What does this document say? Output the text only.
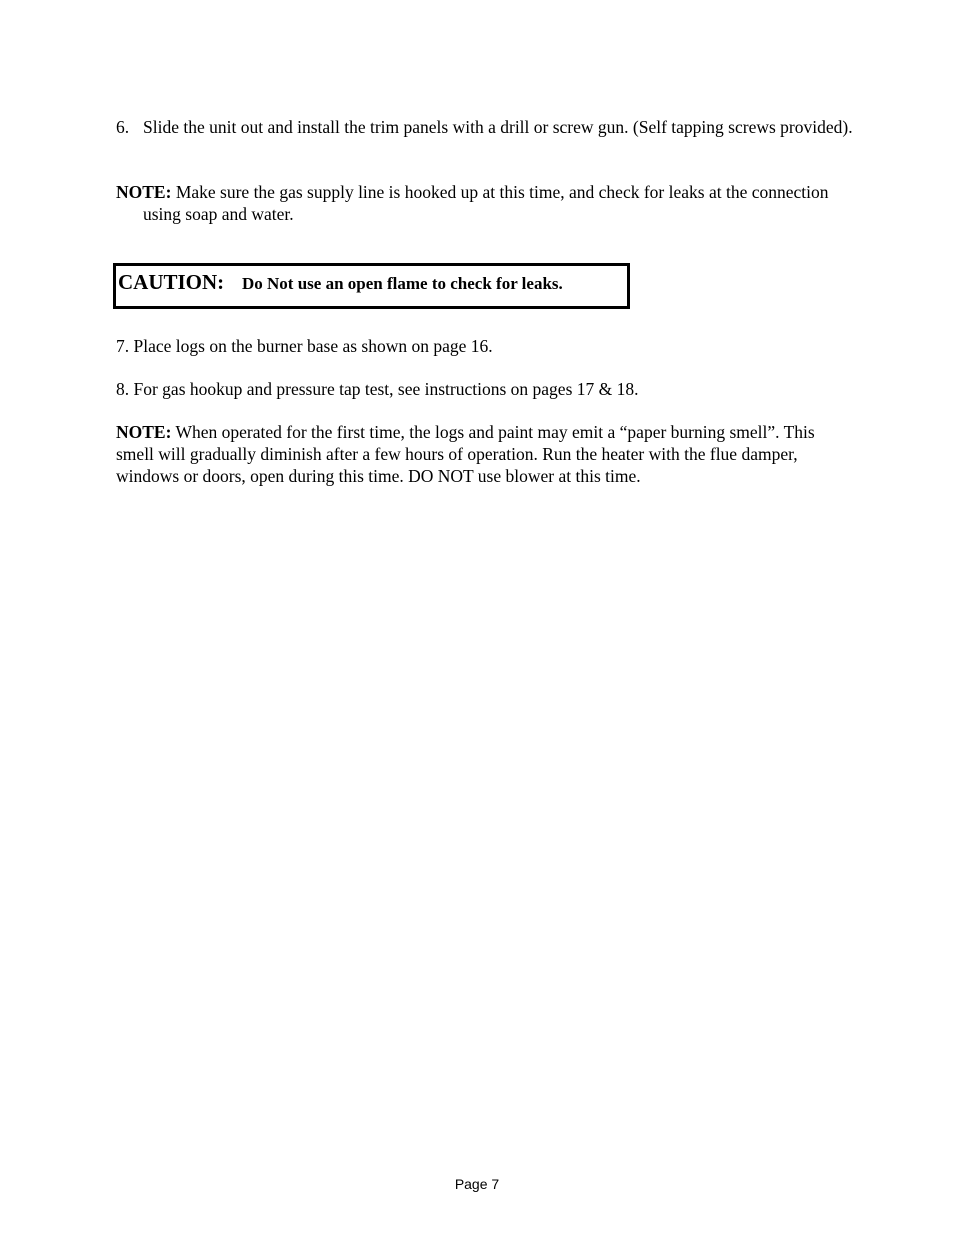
6. Slide the unit out and install the trim panels with a drill or screw gun. (Self tapping screws provided).
NOTE: Make sure the gas supply line is hooked up at this time, and check for leaks at the connection using soap and water.
CAUTION: Do Not use an open flame to check for leaks.
7. Place logs on the burner base as shown on page 16.
8. For gas hookup and pressure tap test, see instructions on pages 17 & 18.
NOTE: When operated for the first time, the logs and paint may emit a “paper burning smell”. This smell will gradually diminish after a few hours of operation. Run the heater with the flue damper, windows or doors, open during this time. DO NOT use blower at this time.
Page 7
